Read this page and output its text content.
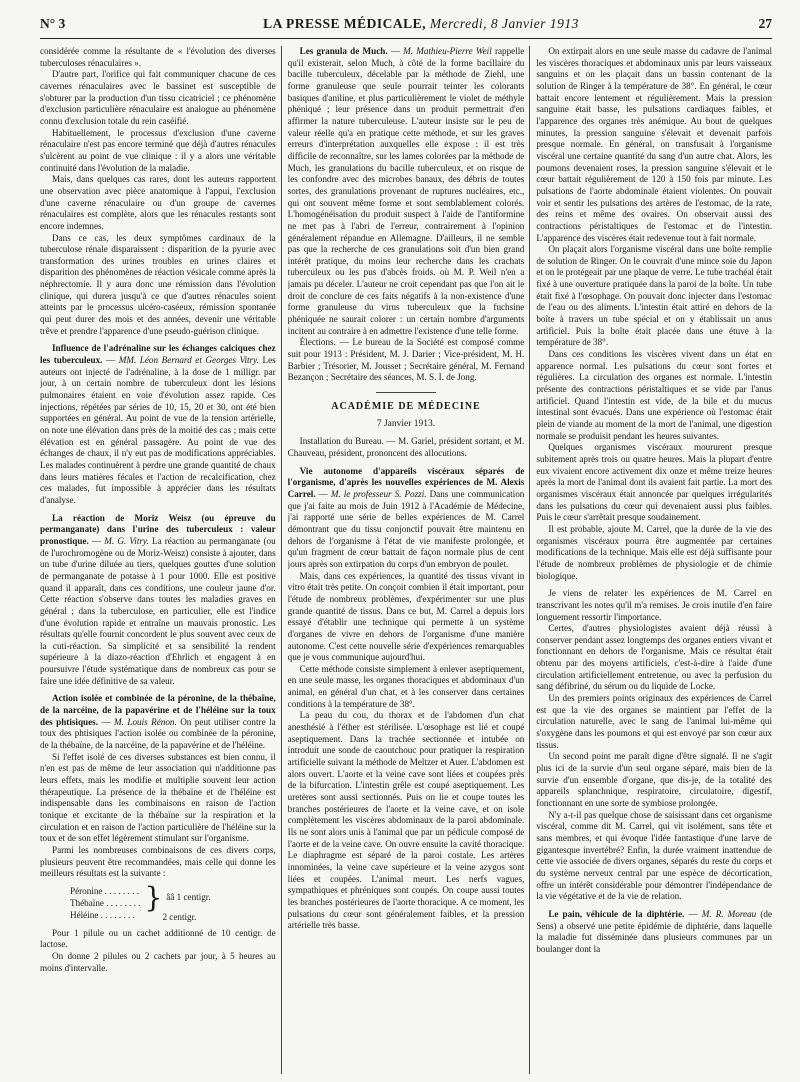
N° 3	LA PRESSE MÉDICALE, Mercredi, 8 Janvier 1913	27

considérée comme la résultante de « l'évolution des diverses tuberculoses rénaculaires ».

D'autre part, l'orifice qui fait communiquer chacune de ces cavernes rénaculaires avec le bassinet est susceptible de s'obturer par la production d'un tissu cicatriciel ; ce phénomène d'exclusion particulière rénaculaire est analogue au phénomène connu d'exclusion totale du rein caséifié.

Habituellement, le processus d'exclusion d'une caverne rénaculaire n'est pas encore terminé que déjà d'autres rénacules s'ulcèrent au point de vue clinique : il y a alors une véritable continuité dans l'évolution de la maladie.

Mais, dans quelques cas rares, dont les auteurs rapportent une observation avec pièce anatomique à l'appui, l'exclusion d'une caverne rénaculaire ou d'un groupe de cavernes rénaculaires est complète, alors que les rénacules restants sont encore indemnes.

Dans ce cas, les deux symptômes cardinaux de la tuberculose rénale disparaissent : disparition de la pyurie avec transformation des urines troubles en urines claires et disparition des phénomènes de réaction vésicale comme après la néphrectomie. Il y aura donc une rémission dans l'évolution clinique, qui durera jusqu'à ce que d'autres rénacules soient atteints par le processus ulcéro-caséeux, rémission spontanée qui peut durer des mois et des années, devenir une véritable trêve et prendre l'apparence d'une pseudo-guérison clinique.

Influence de l'adrénaline sur les échanges calciques chez les tuberculeux. — MM. Léon Bernard et Georges Vitry. Les auteurs ont injecté de l'adrénaline, à la dose de 1 milligr. par jour, à un certain nombre de tuberculeux dont les lésions pulmonaires étaient en voie d'évolution assez rapide. Ces injections, répétées par séries de 10, 15, 20 et 30, ont été bien supportées en général. Au point de vue de la tension artérielle, on note une élévation dans près de la moitié des cas ; mais cette élévation est en général passagère. Au point de vue des échanges de chaux, il n'y eut pas de modifications appréciables. Les malades continuèrent à perdre une grande quantité de chaux dans leurs matières fécales et l'action de recalcification, chez ces malades, fut impossible à apprécier dans les résultats d'analyse.

La réaction de Moriz Weisz (ou épreuve du permanganate) dans l'urine des tuberculeux : valeur pronostique. — M. G. Vitry. La réaction au permanganate (ou de l'urochromogène ou de Moriz-Weisz) consiste à ajouter, dans un tube d'urine diluée au tiers, quelques gouttes d'une solution de permanganate de potasse à 1 pour 1000. Elle est positive quand il apparaît, dans ces conditions, une couleur jaune d'or. Cette réaction s'observe dans toutes les maladies graves en général ; dans la tuberculose, en particulier, elle est l'indice d'une évolution rapide et entraîne un mauvais pronostic. Les résultats qu'elle fournit concordent le plus souvent avec ceux de la cuti-réaction. Sa simplicité et sa sensibilité la rendent supérieure à la diazo-réaction d'Ehrlich et engagent à en poursuivre l'étude systématique dans de nombreux cas pour se faire une idée définitive de sa valeur.

Action isolée et combinée de la péronine, de la thébaïne, de la narcéine, de la papavérine et de l'héléine sur la toux des phtisiques. — M. Louis Rénon. On peut utiliser contre la toux des phtisiques l'action isolée ou combinée de la péronine, de la thébaïne, de la narcéine, de la papavérine et de l'héléine.

Si l'effet isolé de ces diverses substances est bien connu, il n'en est pas de même de leur association qui n'additionne pas leurs effets, mais les modifie et multiplie souvent leur action thérapeutique. La présence de la thébaïne et de l'héléine est indispensable dans les combinaisons en raison de l'action tonique et excitante de la thébaïne sur la respiration et la circulation et en raison de l'action particulière de l'héléine sur la toux et de son effet légèrement stimulant sur l'organisme.

Parmi les nombreuses combinaisons de ces divers corps, plusieurs peuvent être recommandées, mais celle qui donne les meilleurs résultats est la suivante :

Péronine . . . . . . . .
Thébaïne . . . . . . . .
Héléine . . . . . . . .
} ââ 1 centigr.
2 centigr.

Pour 1 pilule ou un cachet additionné de 10 centigr. de lactose.

On donne 2 pilules ou 2 cachets par jour, à 5 heures au moins d'intervalle.

Les granula de Much. — M. Mathieu-Pierre Weil rappelle qu'il existerait, selon Much, à côté de la forme bacillaire du bacille tuberculeux, décelable par la méthode de Ziehl, une forme granuleuse que seule pourrait teinter les colorants basiques d'aniline, et plus particulièrement le violet de méthyle phéniqué ; leur présence dans un produit permettrait d'en affirmer la nature tuberculeuse. L'auteur insiste sur le peu de valeur réelle qu'a en pratique cette méthode, et sur les graves erreurs d'interprétation auxquelles elle expose : il est très difficile de reconnaître, sur les lames colorées par la méthode de Much, les granulations du bacille tuberculeux, et on risque de les confondre avec des microbes banaux, des débris de toutes sortes, des granulations provenant de ruptures nucléaires, etc., qui ont souvent même forme et sont semblablement colorés. L'homogénéisation du produit suspect à l'aide de l'antiformine ne met pas à l'abri de l'erreur, contrairement à l'opinion généralement répandue en Allemagne. D'ailleurs, il ne semble pas que la recherche de ces granulations soit d'un bien grand intérêt pratique, du moins leur recherche dans les crachats tuberculeux ou les pus d'abcès froids. où M. P. Weil n'en a jamais pu déceler. L'auteur ne croit cependant pas que l'on ait le droit de conclure de ces faits négatifs à la non-existence d'une forme granuleuse du virus tuberculeux que la fuchsine phéniquée ne saurait colorer : un certain nombre d'arguments incitent au contraire à en admettre l'existence d'une telle forme.

Élections. — Le bureau de la Société est composé comme suit pour 1913 : Président, M. J. Darier ; Vice-président, M. H. Barbier ; Trésorier, M. Jousset ; Secrétaire général, M. Fernand Bezançon ; Secrétaire des séances, M. S. I. de Jong.

ACADÉMIE DE MÉDECINE
7 Janvier 1913.

Installation du Bureau. — M. Gariel, président sortant, et M. Chauveau, président, prononcent des allocutions.

Vie autonome d'appareils viscéraux séparés de l'organisme, d'après les nouvelles expériences de M. Alexis Carrel. — M. le professeur S. Pozzi. Dans une communication que j'ai faite au mois de Juin 1912 à l'Académie de Médecine, j'ai rapporté une série de belles expériences de M. Carrel démontrant que du tissu conjonctif pouvait être maintenu en dehors de l'organisme à l'état de vie manifeste prolongée, et qu'un fragment de cœur battait de façon normale plus de cent jours après son extirpation du corps d'un embryon de poulet.

Mais, dans ces expériences, la quantité des tissus vivant in vitro était très petite. On conçoit combien il était important, pour l'étude de nombreux problèmes, d'expérimenter sur une plus grande quantité de tissus. Dans ce but, M. Carrel a depuis lors essayé d'établir une technique qui permette à un système d'organes de vivre en dehors de l'organisme d'une manière autonome. C'est cette nouvelle série d'expériences remarquables que je vous communique aujourd'hui.

Cette méthode consiste simplement à enlever aseptiquement, en une seule masse, les organes thoraciques et abdominaux d'un animal, en général d'un chat, et à les conserver dans certaines conditions à la température de 38°.

La peau du cou, du thorax et de l'abdomen d'un chat anesthésié à l'éther est stérilisée. L'œsophage est lié et coupé aseptiquement. Dans la trachée sectionnée et intubée on introduit une sonde de caoutchouc pour pratiquer la respiration artificielle suivant la méthode de Meltzer et Auer. L'abdomen est alors ouvert. L'aorte et la veine cave sont liées et coupées près de la bifurcation. L'intestin grêle est coupé aseptiquement. Les uretères sont aussi sectionnés. Puis on lie et coupe toutes les branches postérieures de l'aorte et la veine cave, et on isole complètement les viscères abdominaux de la paroi abdominale. Ils ne sont alors unis à l'animal que par un pédicule composé de l'aorte et de la veine cave. On ouvre ensuite la cavité thoracique. Le diaphragme est séparé de la paroi costale. Les artères innominées, la veine cave supérieure et la veine azygos sont liées et coupées. L'animal meurt. Les nerfs vagues, sympathiques et phréniques sont coupés. On coupe aussi toutes les branches postérieures de l'aorte thoracique. A ce moment, les pulsations du cœur sont généralement faibles, et la pression artérielle très basse.

On extirpait alors en une seule masse du cadavre de l'animal les viscères thoraciques et abdominaux unis par leurs vaisseaux sanguins et on les plaçait dans un bassin contenant de la solution de Ringer à la température de 38°. En général, le cœur battait encore lentement et régulièrement. Mais la pression sanguine était basse, les pulsations cardiaques faibles, et l'apparence des organes très anémique. Au bout de quelques minutes, la pression sanguine s'élevait et devenait parfois presque normale. En général, on transfusait à l'organisme viscéral une certaine quantité du sang d'un autre chat. Alors, les poumons devenaient roses, la pression sanguine s'élevait et le cœur battait régulièrement de 120 à 150 fois par minute. Les pulsations de l'aorte abdominale étaient violentes. On pouvait voir et sentir les pulsations des artères de l'estomac, de la rate, des reins et même des ovaires. On observait aussi des contractions péristaltiques de l'estomac et de l'intestin. L'apparence des viscères était redevenue tout à fait normale.

On plaçait alors l'organisme viscéral dans une boîte remplie de solution de Ringer. On le couvrait d'une mince soie du Japon et on le protégeait par une plaque de verre. Le tube trachéal était fixé à une ouverture pratiquée dans la paroi de la boîte. Un tube était fixé à l'œsophage. On pouvait donc injecter dans l'estomac de l'eau ou des aliments. L'intestin était attiré en dehors de la boîte à travers un tube spécial et on y établissait un anus artificiel. Puis la boîte était placée dans une étuve à la température de 38°.

Dans ces conditions les viscères vivent dans un état en apparence normal. Les pulsations du cœur sont fortes et régulières. La circulation des organes est normale. L'intestin présente des contractions péristaltiques et se vide par l'anus artificiel. Quand l'intestin est vide, de la bile et du mucus intestinal sont évacués. Dans une expérience où l'estomac était plein de viande au moment de la mort de l'animal, une digestion normale se produisit pendant les heures suivantes.

Quelques organismes viscéraux moururent presque subitement après trois ou quatre heures. Mais la plupart d'entre eux vivaient encore activement dix onze et même treize heures après la mort de l'animal dont ils avaient fait partie. La mort des organismes viscéraux était annoncée par quelques irrégularités dans les pulsations du cœur qui devenaient aussi plus faibles. Puis le cœur s'arrêtait presque soudainement.

Il est probable, ajoute M. Carrel, que la durée de la vie des organismes viscéraux pourra être augmentée par certaines modifications de la technique. Mais elle est déjà suffisante pour l'étude de nombreux problèmes de physiologie et de chimie biologique.

Je viens de relater les expériences de M. Carrel en transcrivant les notes qu'il m'a remises. Je crois inutile d'en faire longuement ressortir l'importance.

Certes, d'autres physiologistes avaient déjà réussi à conserver pendant assez longtemps des organes entiers vivant et fonctionnant en dehors de l'organisme. Mais ce résultat était obtenu par des moyens artificiels, c'est-à-dire à l'aide d'une circulation artificiellement entretenue, ou avec la perfusion du sang défibriné, du sérum ou du liquide de Locke.

Un des premiers points originaux des expériences de Carrel est que la vie des organes se maintient par l'effet de la circulation naturelle, avec le sang de l'animal lui-même qui s'oxygène dans les poumons et qui est envoyé par son cœur aux tissus.

Un second point me paraît digne d'être signalé. Il ne s'agit plus ici de la survie d'un seul organe séparé, mais bien de la survie d'un ensemble d'organe, que dis-je, de la totalité des appareils splanchnique, respiratoire, circulatoire, digestif, fonctionnant en une sorte de symbiose prolongée.

N'y a-t-il pas quelque chose de saisissant dans cet organisme viscéral, comme dit M. Carrel, qui vit isolément, sans tête et sans membres, et qui évoque l'idée fantastique d'une larve de gigantesque invertébré? Enfin, la durée vraiment inattendue de cette vie associée de divers organes, séparés du reste du corps et du système nerveux central par une espèce de décortication, offre un intérêt considérable pour démontrer l'indépendance de la vie végétative et de la vie de relation.

Le pain, véhicule de la diphtérie. — M. R. Moreau (de Sens) a observé une petite épidémie de diphtérie, dans laquelle la maladie fut disséminée dans plusieurs communes par un boulanger dont la
